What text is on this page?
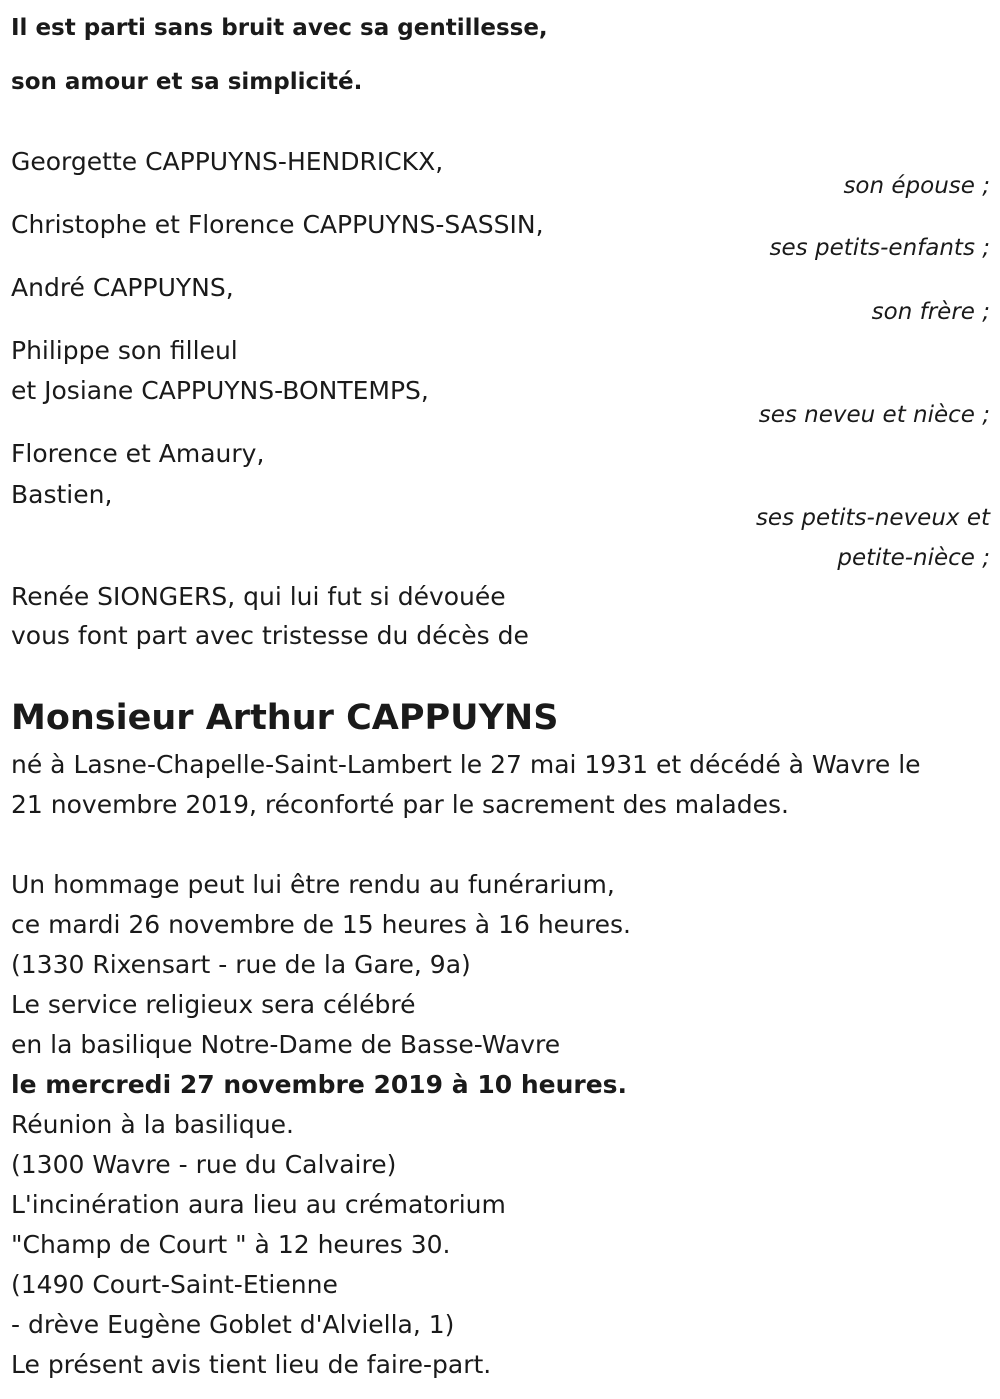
Il est parti sans bruit avec sa gentillesse,
son amour et sa simplicité.
Georgette CAPPUYNS-HENDRICKX,
son épouse ;
Christophe et Florence CAPPUYNS-SASSIN,
ses petits-enfants ;
André CAPPUYNS,
son frère ;
Philippe son filleul
et Josiane CAPPUYNS-BONTEMPS,
ses neveu et nièce ;
Florence et Amaury,
Bastien,
ses petits-neveux et
petite-nièce ;
Renée SIONGERS, qui lui fut si dévouée
vous font part avec tristesse du décès de
Monsieur Arthur CAPPUYNS
né à Lasne-Chapelle-Saint-Lambert le 27 mai 1931 et décédé à Wavre le
21 novembre 2019, réconforté par le sacrement des malades.
Un hommage peut lui être rendu au funérarium,
ce mardi 26 novembre de 15 heures à 16 heures.
(1330 Rixensart - rue de la Gare, 9a)
Le service religieux sera célébré
en la basilique Notre-Dame de Basse-Wavre
le mercredi 27 novembre 2019 à 10 heures.
Réunion à la basilique.
(1300 Wavre - rue du Calvaire)
L'incinération aura lieu au crématorium
"Champ de Court " à 12 heures 30.
(1490 Court-Saint-Etienne
- drève Eugène Goblet d'Alviella, 1)
Le présent avis tient lieu de faire-part.
